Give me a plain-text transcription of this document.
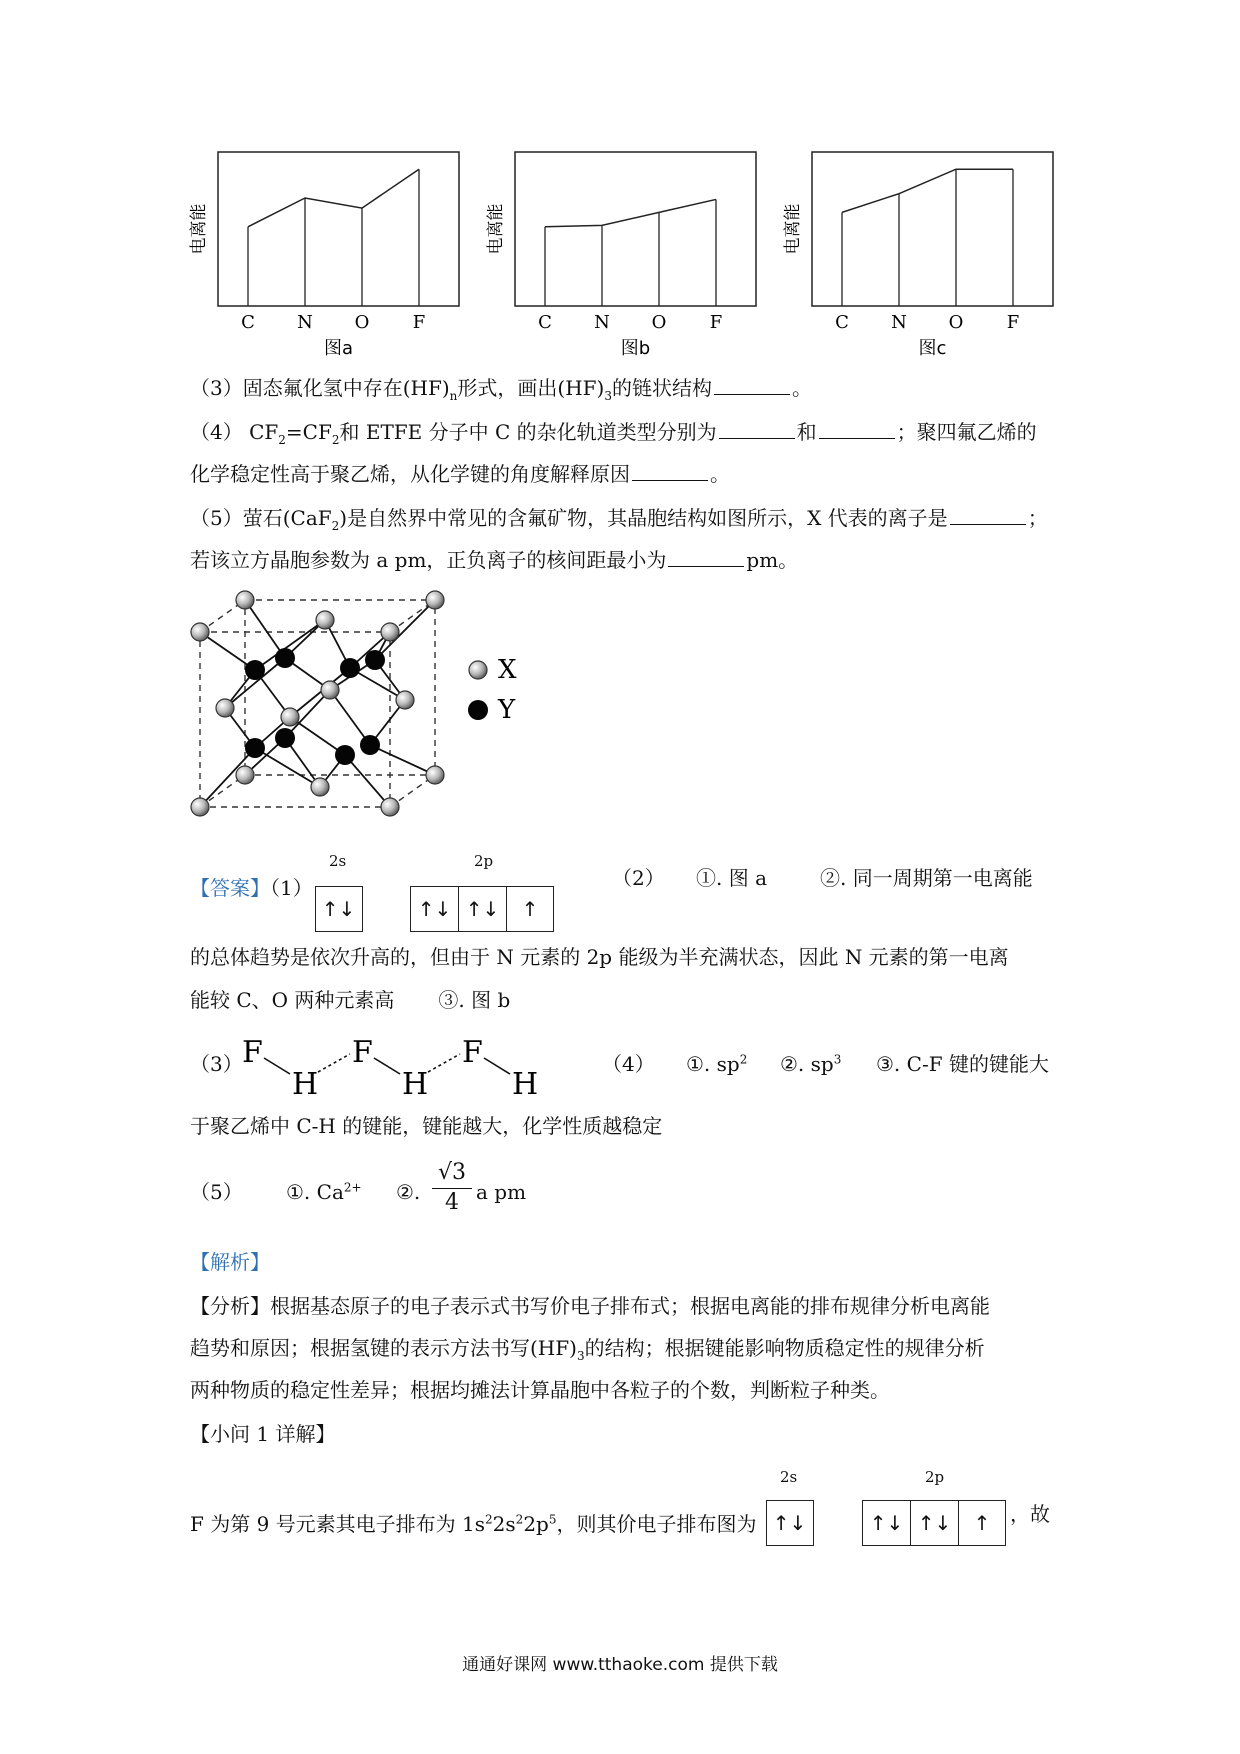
C N O F
电离能
图a
C N O F
电离能
图b
C N O F
电离能
图c
（3）固态氟化氢中存在$(HF)_n$形式，画出$(HF)_3$的链状结构	。
（4） $CF_2=CF_2$和 ETFE 分子中 C 的杂化轨道类型分别为	和	；聚四氟乙烯的
化学稳定性高于聚乙烯，从化学键的角度解释原因	。
（5）萤石(CaF$_2$)是自然界中常见的含氟矿物，其晶胞结构如图所示，X 代表的离子是	；
若该立方晶胞参数为 a pm，正负离子的核间距最小为	pm。
X
Y
【答案】（1）
2s
↑↓
2p
↑↓ ↑↓	↑
（2） ①. 图 a	②. 同一周期第一电离能
的总体趋势是依次升高的，但由于 N 元素的 2p 能级为半充满状态，因此 N 元素的第一电离
能较 C、O 两种元素高 ③. 图 b
（3） F
H
F
H
F
H
（4） ①. $sp^2$ ②. $sp^3$ ③. C-F 键的键能大
于聚乙烯中 C-H 的键能，键能越大，化学性质越稳定
（5） ①. $Ca^{2+}$ ②. $\frac{√3}{4}$ a pm
【解析】
【分析】根据基态原子的电子表示式书写价电子排布式；根据电离能的排布规律分析电离能
趋势和原因；根据氢键的表示方法书写$(HF)_3$的结构；根据键能影响物质稳定性的规律分析
两种物质的稳定性差异；根据均摊法计算晶胞中各粒子的个数，判断粒子种类。
【小问 1 详解】
F 为第 9 号元素其电子排布为 $1s^22s^22p^5$，则其价电子排布图为
2s
↑↓
2p
↑↓ ↑↓	↑ ，故
通通好课网 www.tthaoke.com 提供下载
